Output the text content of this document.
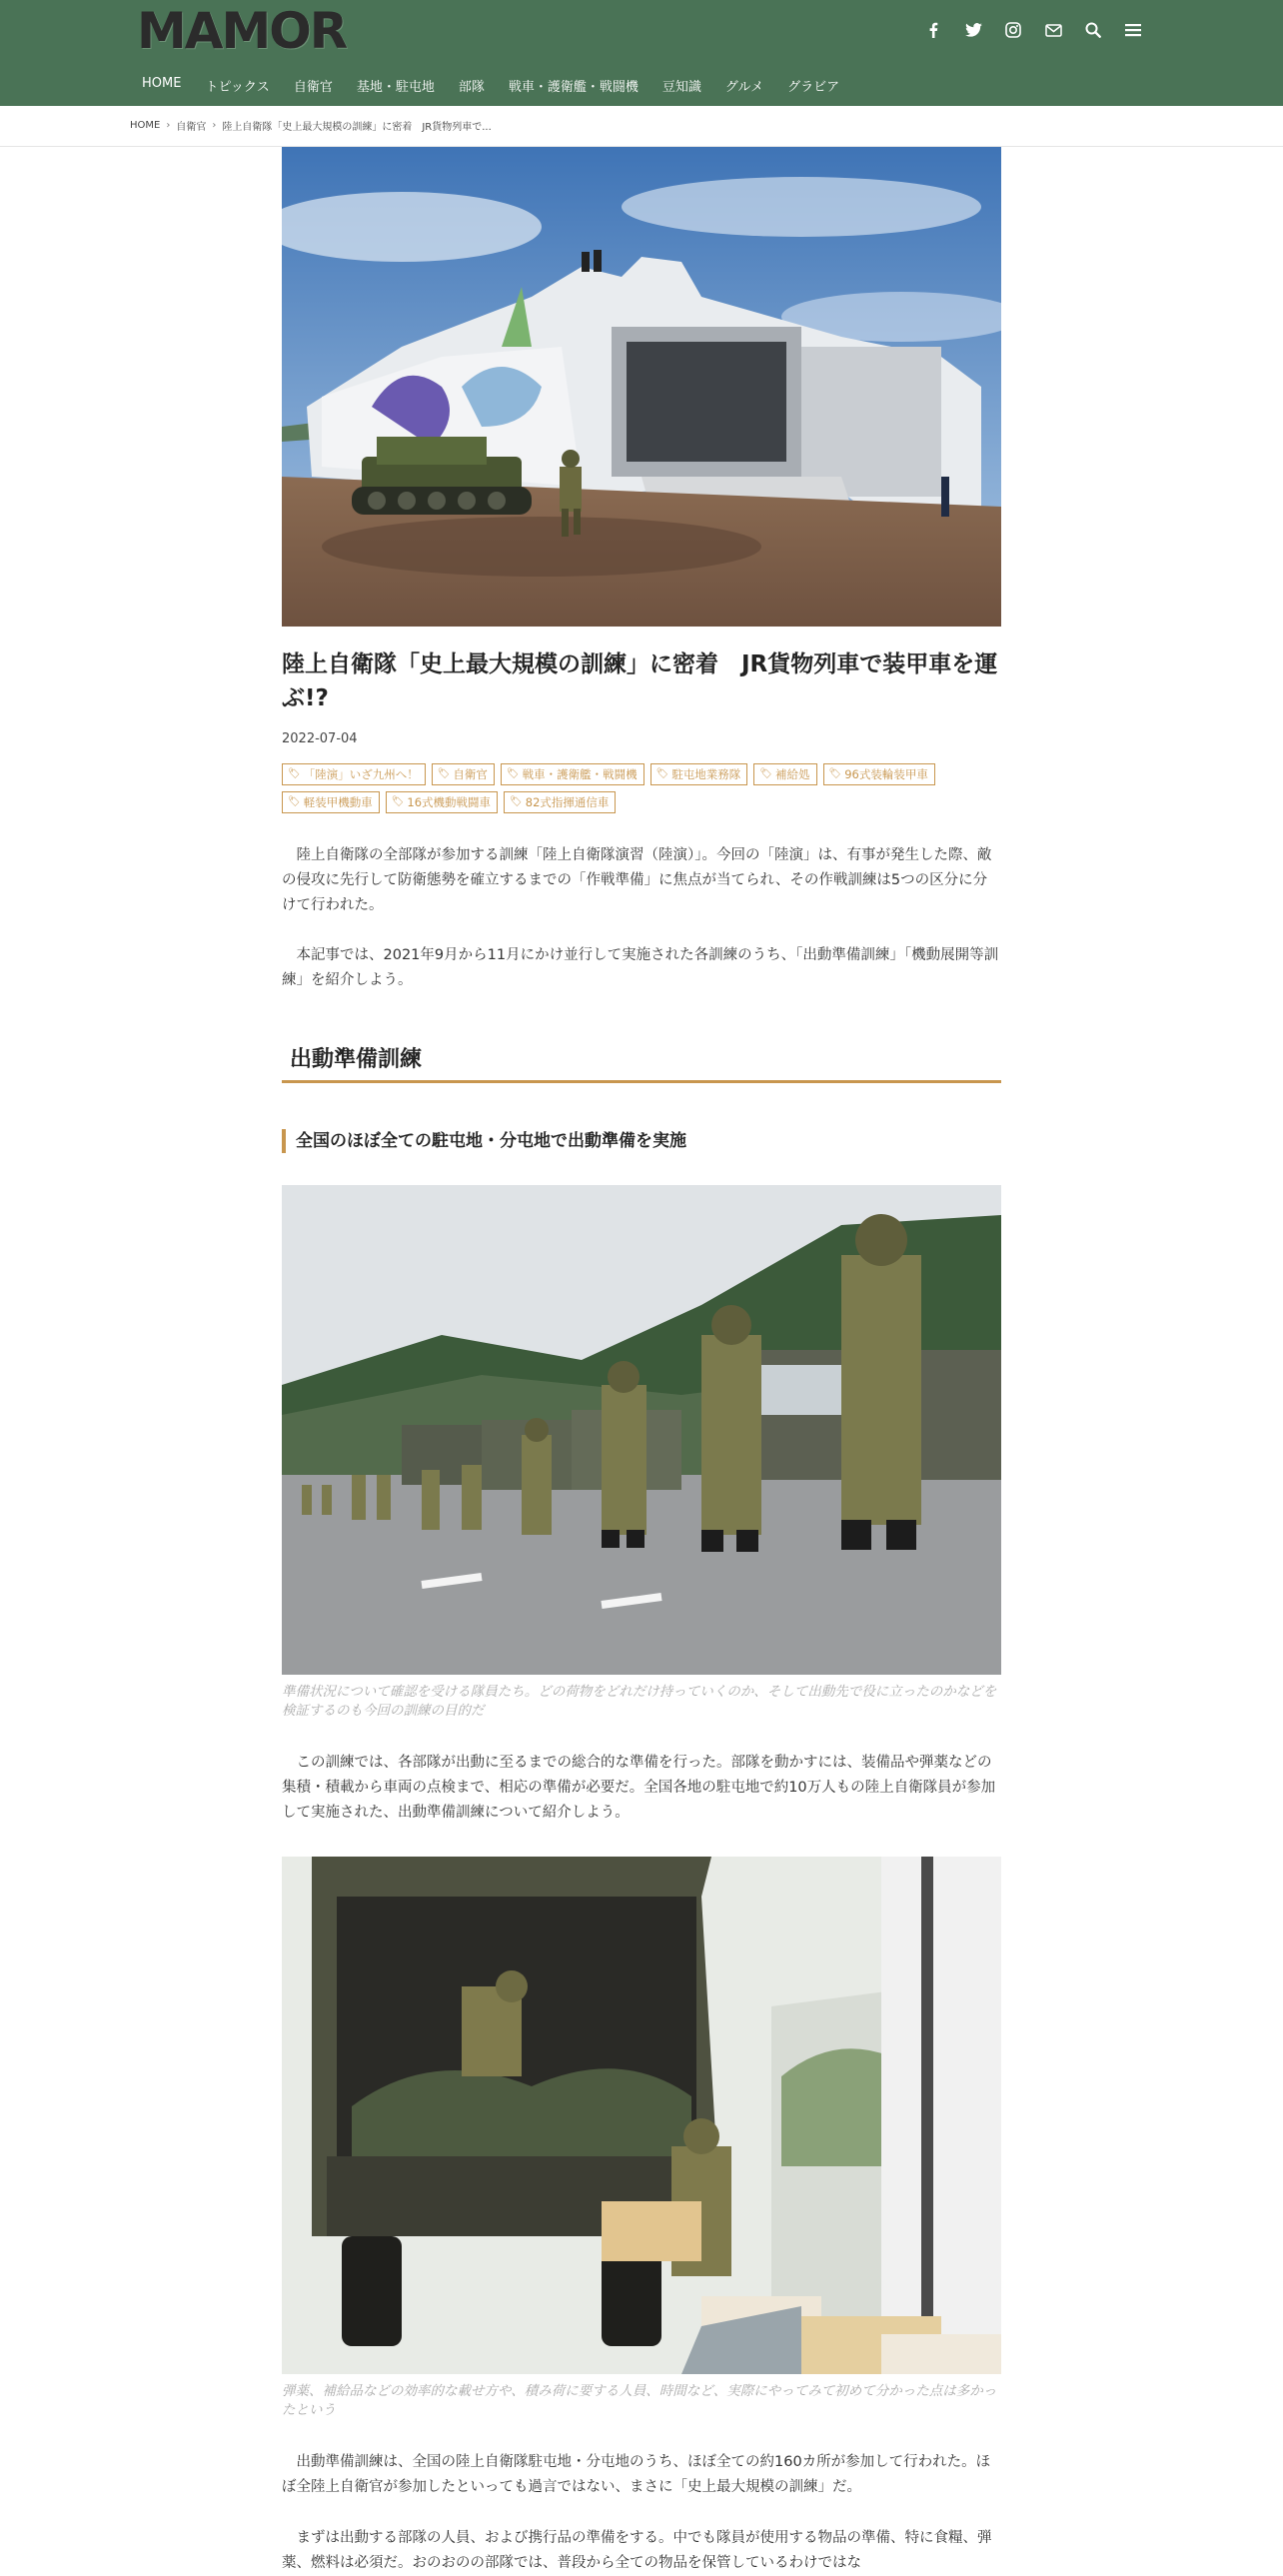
MAMOR
HOME	トピックス	自衛官	基地・駐屯地	部隊	戦車・護衛艦・戦闘機	豆知識	グルメ	グラビア
HOME › 自衛官 › 陸上自衛隊「史上最大規模の訓練」に密着　JR貨物列車で...
陸上自衛隊「史上最大規模の訓練」に密着　JR貨物列車で装甲車を運ぶ!?
2022-07-04
🏷 「陸演」いざ九州へ！ 🏷 自衛官 🏷 戦車・護衛艦・戦闘機 🏷 駐屯地業務隊 🏷 補給処 🏷 96式装輪装甲車
🏷 軽装甲機動車 🏷 16式機動戦闘車 🏷 82式指揮通信車

陸上自衛隊の全部隊が参加する訓練「陸上自衛隊演習（陸演）」。今回の「陸演」は、有事が発生した際、敵の侵攻に先行して防衛態勢を確立するまでの「作戦準備」に焦点が当てられ、その作戦訓練は5つの区分に分けて行われた。

本記事では、2021年9月から11月にかけ並行して実施された各訓練のうち、「出動準備訓練」「機動展開等訓練」を紹介しよう。

出動準備訓練
全国のほぼ全ての駐屯地・分屯地で出動準備を実施
準備状況について確認を受ける隊員たち。どの荷物をどれだけ持っていくのか、そして出動先で役に立ったのかなどを検証するのも今回の訓練の目的だ

この訓練では、各部隊が出動に至るまでの総合的な準備を行った。部隊を動かすには、装備品や弾薬などの集積・積載から車両の点検まで、相応の準備が必要だ。全国各地の駐屯地で約10万人もの陸上自衛隊員が参加して実施された、出動準備訓練について紹介しよう。

弾薬、補給品などの効率的な載せ方や、積み荷に要する人員、時間など、実際にやってみて初めて分かった点は多かったという

出動準備訓練は、全国の陸上自衛隊駐屯地・分屯地のうち、ほぼ全ての約160カ所が参加して行われた。ほぼ全陸上自衛官が参加したといっても過言ではない、まさに「史上最大規模の訓練」だ。

まずは出動する部隊の人員、および携行品の準備をする。中でも隊員が使用する物品の準備、特に食糧、弾薬、燃料は必須だ。おのおのの部隊では、普段から全ての物品を保管しているわけではな
